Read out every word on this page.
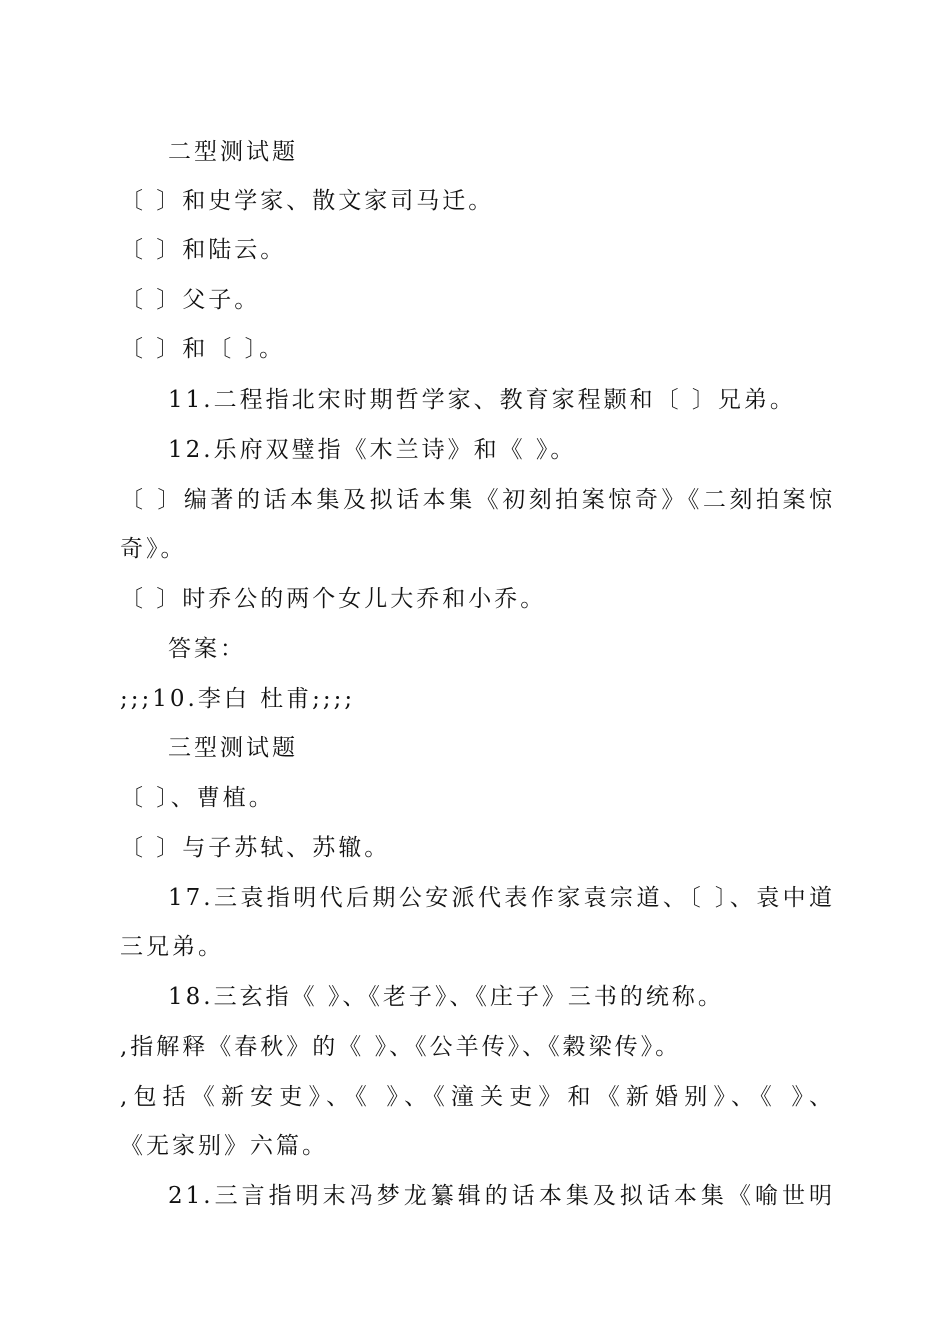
二型测试题
〔 〕和史学家、散文家司马迁。
〔 〕和陆云。
〔 〕父子。
〔 〕和〔 〕。
11.二程指北宋时期哲学家、教育家程颢和〔 〕兄弟。
12.乐府双璧指《木兰诗》和《 》。
〔 〕编著的话本集及拟话本集《初刻拍案惊奇》《二刻拍案惊
奇》。
〔 〕时乔公的两个女儿大乔和小乔。
答案：
;;;10.李白 杜甫;;;;
三型测试题
〔 〕、曹植。
〔 〕与子苏轼、苏辙。
17.三袁指明代后期公安派代表作家袁宗道、〔 〕、袁中道
三兄弟。
18.三玄指《 》、《老子》、《庄子》三书的统称。
,指解释《春秋》的《 》、《公羊传》、《穀梁传》。
,包括《新安吏》、《 》、《潼关吏》和《新婚别》、《 》、
《无家别》六篇。
21.三言指明末冯梦龙纂辑的话本集及拟话本集《喻世明
